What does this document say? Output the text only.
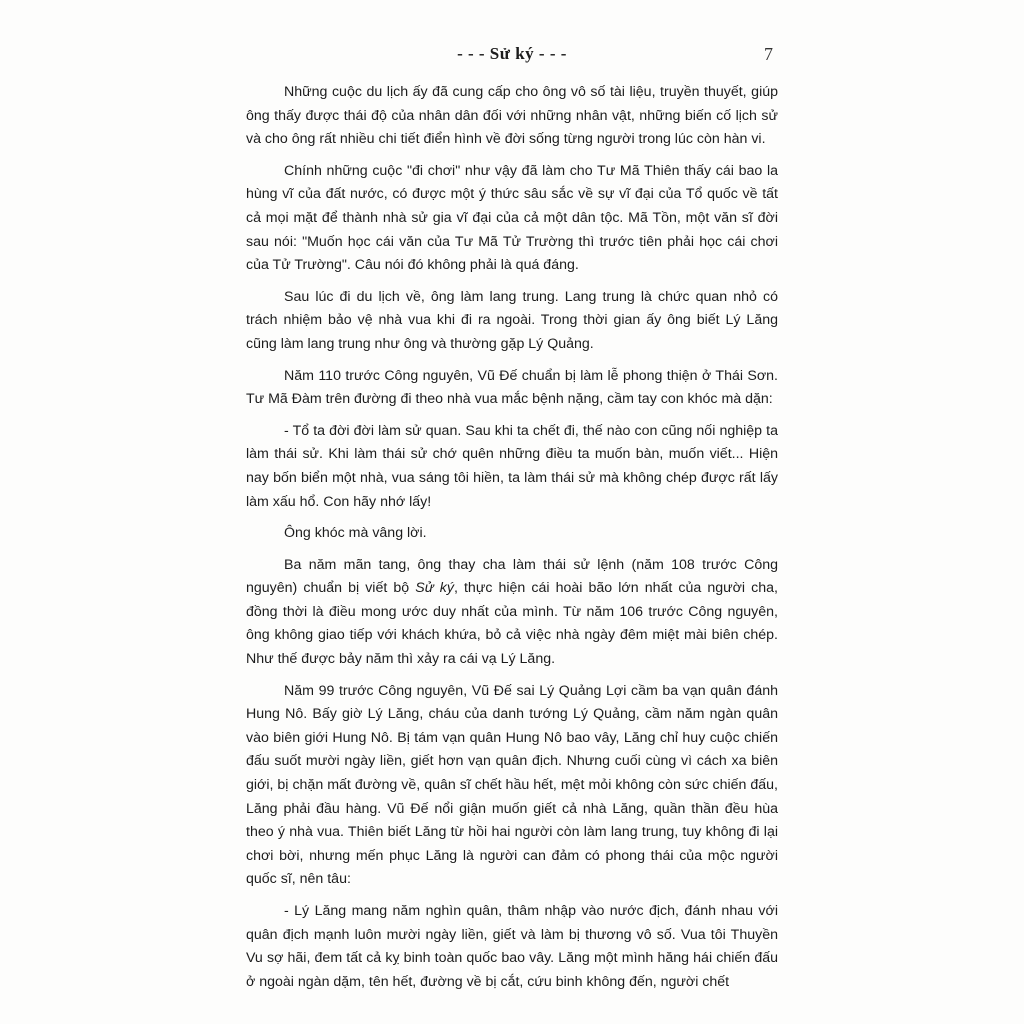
- - - Sử ký - - -	7

Những cuộc du lịch ấy đã cung cấp cho ông vô số tài liệu, truyền thuyết, giúp ông thấy được thái độ của nhân dân đối với những nhân vật, những biến cố lịch sử và cho ông rất nhiều chi tiết điển hình về đời sống từng người trong lúc còn hàn vi.

Chính những cuộc "đi chơi" như vậy đã làm cho Tư Mã Thiên thấy cái bao la hùng vĩ của đất nước, có được một ý thức sâu sắc về sự vĩ đại của Tổ quốc về tất cả mọi mặt để thành nhà sử gia vĩ đại của cả một dân tộc. Mã Tồn, một văn sĩ đời sau nói: "Muốn học cái văn của Tư Mã Tử Trường thì trước tiên phải học cái chơi của Tử Trường". Câu nói đó không phải là quá đáng.

Sau lúc đi du lịch về, ông làm lang trung. Lang trung là chức quan nhỏ có trách nhiệm bảo vệ nhà vua khi đi ra ngoài. Trong thời gian ấy ông biết Lý Lăng cũng làm lang trung như ông và thường gặp Lý Quảng.

Năm 110 trước Công nguyên, Vũ Đế chuẩn bị làm lễ phong thiện ở Thái Sơn. Tư Mã Đàm trên đường đi theo nhà vua mắc bệnh nặng, cầm tay con khóc mà dặn:

- Tổ ta đời đời làm sử quan. Sau khi ta chết đi, thế nào con cũng nối nghiệp ta làm thái sử. Khi làm thái sử chớ quên những điều ta muốn bàn, muốn viết... Hiện nay bốn biển một nhà, vua sáng tôi hiền, ta làm thái sử mà không chép được rất lấy làm xấu hổ. Con hãy nhớ lấy!

Ông khóc mà vâng lời.

Ba năm mãn tang, ông thay cha làm thái sử lệnh (năm 108 trước Công nguyên) chuẩn bị viết bộ Sử ký, thực hiện cái hoài bão lớn nhất của người cha, đồng thời là điều mong ước duy nhất của mình. Từ năm 106 trước Công nguyên, ông không giao tiếp với khách khứa, bỏ cả việc nhà ngày đêm miệt mài biên chép. Như thế được bảy năm thì xảy ra cái vạ Lý Lăng.

Năm 99 trước Công nguyên, Vũ Đế sai Lý Quảng Lợi cầm ba vạn quân đánh Hung Nô. Bấy giờ Lý Lăng, cháu của danh tướng Lý Quảng, cầm năm ngàn quân vào biên giới Hung Nô. Bị tám vạn quân Hung Nô bao vây, Lăng chỉ huy cuộc chiến đấu suốt mười ngày liền, giết hơn vạn quân địch. Nhưng cuối cùng vì cách xa biên giới, bị chặn mất đường về, quân sĩ chết hầu hết, mệt mỏi không còn sức chiến đấu, Lăng phải đầu hàng. Vũ Đế nổi giận muốn giết cả nhà Lăng, quần thần đều hùa theo ý nhà vua. Thiên biết Lăng từ hồi hai người còn làm lang trung, tuy không đi lại chơi bời, nhưng mến phục Lăng là người can đảm có phong thái của mộc người quốc sĩ, nên tâu:

- Lý Lăng mang năm nghìn quân, thâm nhập vào nước địch, đánh nhau với quân địch mạnh luôn mười ngày liền, giết và làm bị thương vô số. Vua tôi Thuyền Vu sợ hãi, đem tất cả kỵ binh toàn quốc bao vây. Lăng một mình hăng hái chiến đấu ở ngoài ngàn dặm, tên hết, đường về bị cắt, cứu binh không đến, người chết
